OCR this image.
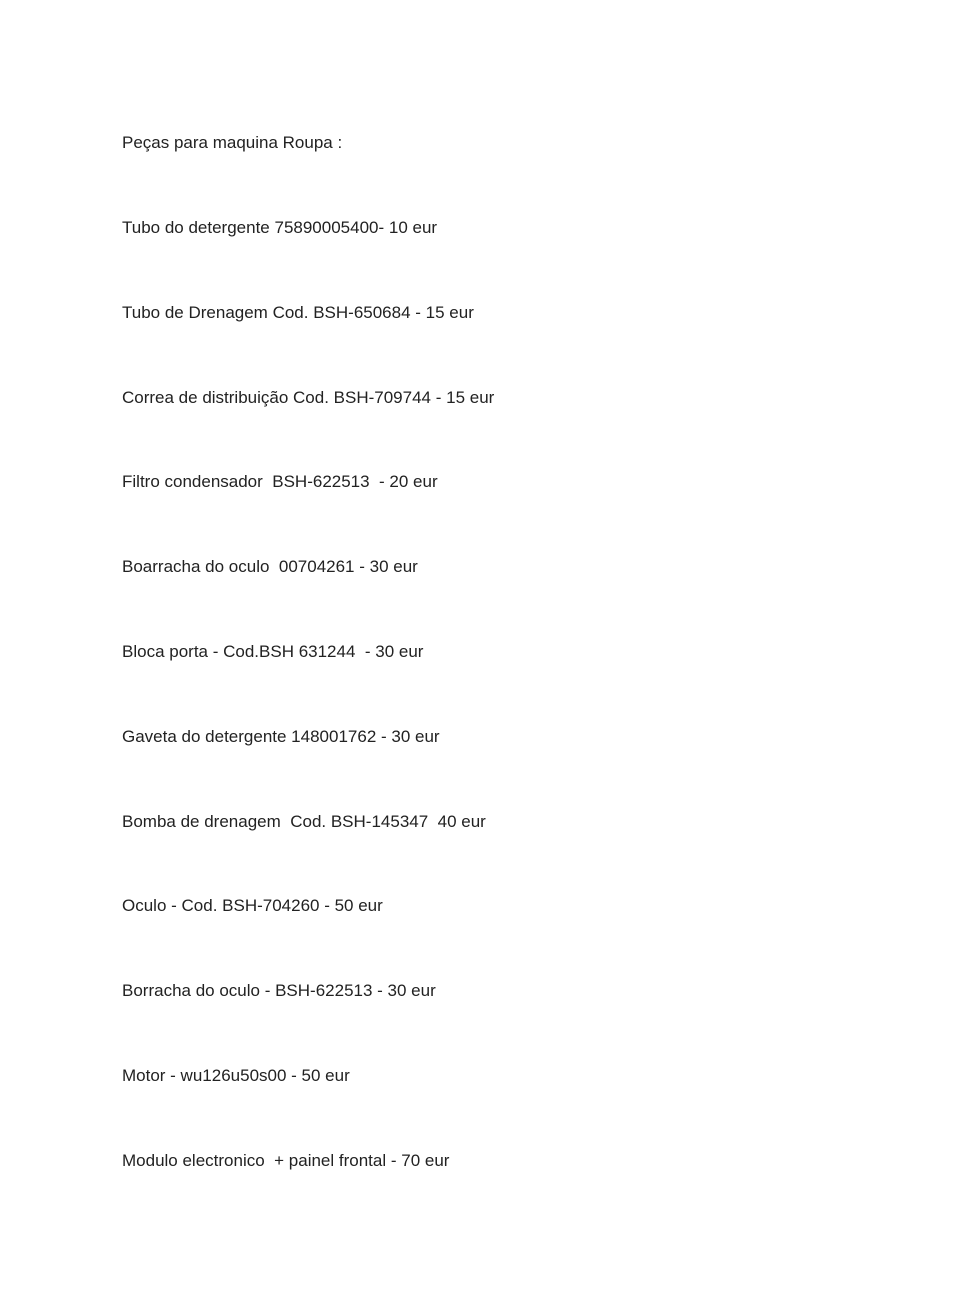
Peças para maquina Roupa :

Tubo do detergente 75890005400- 10 eur

Tubo de Drenagem Cod. BSH-650684 - 15 eur

Correa de distribuição Cod. BSH-709744 - 15 eur

Filtro condensador  BSH-622513  - 20 eur

Boarracha do oculo  00704261 - 30 eur

Bloca porta - Cod.BSH 631244  - 30 eur

Gaveta do detergente 148001762 - 30 eur

Bomba de drenagem  Cod. BSH-145347  40 eur

Oculo - Cod. BSH-704260 - 50 eur

Borracha do oculo - BSH-622513 - 30 eur

Motor - wu126u50s00 - 50 eur

Modulo electronico  + painel frontal - 70 eur
